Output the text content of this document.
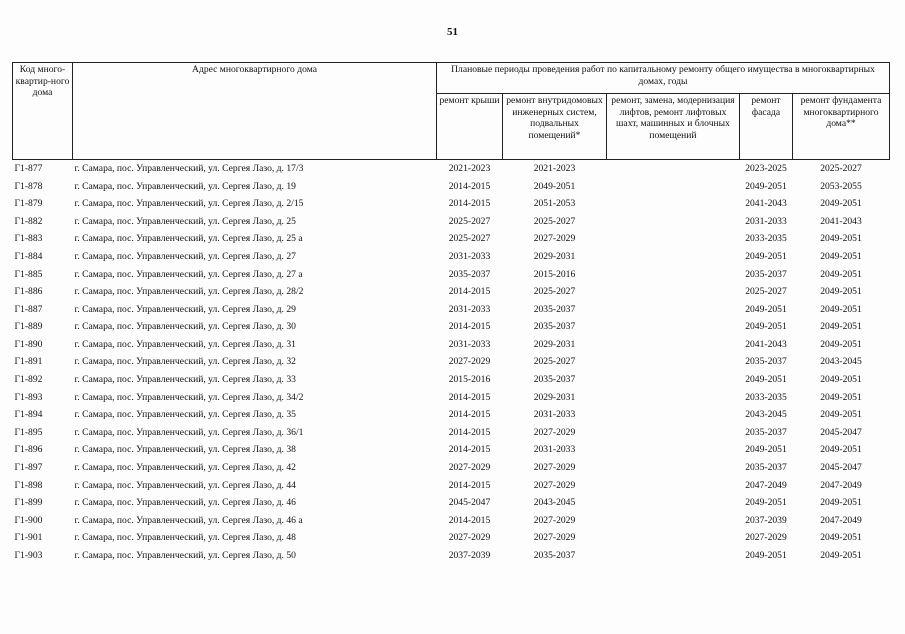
51
Код много-квартир-ного дома	Адрес многоквартирного дома	Плановые периоды проведения работ по капитальному ремонту общего имущества в многоквартирных домах, годы				
		ремонт крыши	ремонт внутридомовых инженерных систем, подвальных помещений*	ремонт, замена, модернизация лифтов, ремонт лифтовых шахт, машинных и блочных помещений	ремонт фасада	ремонт фундамента многоквартирного дома**
Г1-877	г. Самара, пос. Управленческий, ул. Сергея Лазо, д. 17/3	2021-2023	2021-2023		2023-2025	2025-2027
Г1-878	г. Самара, пос. Управленческий, ул. Сергея Лазо, д. 19	2014-2015	2049-2051		2049-2051	2053-2055
Г1-879	г. Самара, пос. Управленческий, ул. Сергея Лазо, д. 2/15	2014-2015	2051-2053		2041-2043	2049-2051
Г1-882	г. Самара, пос. Управленческий, ул. Сергея Лазо, д. 25	2025-2027	2025-2027		2031-2033	2041-2043
Г1-883	г. Самара, пос. Управленческий, ул. Сергея Лазо, д. 25 а	2025-2027	2027-2029		2033-2035	2049-2051
Г1-884	г. Самара, пос. Управленческий, ул. Сергея Лазо, д. 27	2031-2033	2029-2031		2049-2051	2049-2051
Г1-885	г. Самара, пос. Управленческий, ул. Сергея Лазо, д. 27 а	2035-2037	2015-2016		2035-2037	2049-2051
Г1-886	г. Самара, пос. Управленческий, ул. Сергея Лазо, д. 28/2	2014-2015	2025-2027		2025-2027	2049-2051
Г1-887	г. Самара, пос. Управленческий, ул. Сергея Лазо, д. 29	2031-2033	2035-2037		2049-2051	2049-2051
Г1-889	г. Самара, пос. Управленческий, ул. Сергея Лазо, д. 30	2014-2015	2035-2037		2049-2051	2049-2051
Г1-890	г. Самара, пос. Управленческий, ул. Сергея Лазо, д. 31	2031-2033	2029-2031		2041-2043	2049-2051
Г1-891	г. Самара, пос. Управленческий, ул. Сергея Лазо, д. 32	2027-2029	2025-2027		2035-2037	2043-2045
Г1-892	г. Самара, пос. Управленческий, ул. Сергея Лазо, д. 33	2015-2016	2035-2037		2049-2051	2049-2051
Г1-893	г. Самара, пос. Управленческий, ул. Сергея Лазо, д. 34/2	2014-2015	2029-2031		2033-2035	2049-2051
Г1-894	г. Самара, пос. Управленческий, ул. Сергея Лазо, д. 35	2014-2015	2031-2033		2043-2045	2049-2051
Г1-895	г. Самара, пос. Управленческий, ул. Сергея Лазо, д. 36/1	2014-2015	2027-2029		2035-2037	2045-2047
Г1-896	г. Самара, пос. Управленческий, ул. Сергея Лазо, д. 38	2014-2015	2031-2033		2049-2051	2049-2051
Г1-897	г. Самара, пос. Управленческий, ул. Сергея Лазо, д. 42	2027-2029	2027-2029		2035-2037	2045-2047
Г1-898	г. Самара, пос. Управленческий, ул. Сергея Лазо, д. 44	2014-2015	2027-2029		2047-2049	2047-2049
Г1-899	г. Самара, пос. Управленческий, ул. Сергея Лазо, д. 46	2045-2047	2043-2045		2049-2051	2049-2051
Г1-900	г. Самара, пос. Управленческий, ул. Сергея Лазо, д. 46 а	2014-2015	2027-2029		2037-2039	2047-2049
Г1-901	г. Самара, пос. Управленческий, ул. Сергея Лазо, д. 48	2027-2029	2027-2029		2027-2029	2049-2051
Г1-903	г. Самара, пос. Управленческий, ул. Сергея Лазо, д. 50	2037-2039	2035-2037		2049-2051	2049-2051
